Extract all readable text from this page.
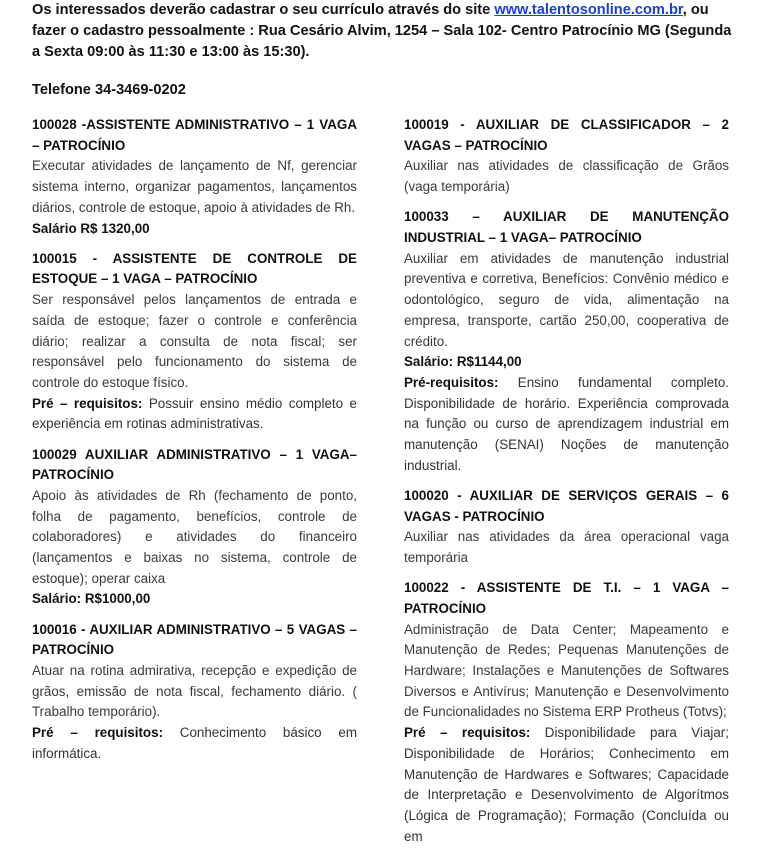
Os interessados deverão cadastrar o seu currículo através do site www.talentosonline.com.br, ou fazer o cadastro pessoalmente : Rua Cesário Alvim, 1254 – Sala 102- Centro Patrocínio MG (Segunda a Sexta 09:00 às 11:30 e 13:00 às 15:30).
Telefone 34-3469-0202
100028 -ASSISTENTE ADMINISTRATIVO – 1 VAGA – PATROCÍNIO
Executar atividades de lançamento de Nf, gerenciar sistema interno, organizar pagamentos, lançamentos diários, controle de estoque, apoio à atividades de Rh.
Salário R$ 1320,00
100015 - ASSISTENTE DE CONTROLE DE ESTOQUE – 1 VAGA – PATROCÍNIO
Ser responsável pelos lançamentos de entrada e saída de estoque; fazer o controle e conferência diário; realizar a consulta de nota fiscal; ser responsável pelo funcionamento do sistema de controle do estoque físico.
Pré – requisitos: Possuir ensino médio completo e experiência em rotinas administrativas.
100029 AUXILIAR ADMINISTRATIVO – 1 VAGA– PATROCÍNIO
Apoio às atividades de Rh (fechamento de ponto, folha de pagamento, benefícios, controle de colaboradores) e atividades do financeiro (lançamentos e baixas no sistema, controle de estoque); operar caixa
Salário: R$1000,00
100016 - AUXILIAR ADMINISTRATIVO – 5 VAGAS – PATROCÍNIO
Atuar na rotina admirativa, recepção e expedição de grãos, emissão de nota fiscal, fechamento diário. ( Trabalho temporário).
Pré – requisitos: Conhecimento básico em informática.
100019 - AUXILIAR DE CLASSIFICADOR – 2 VAGAS – PATROCÍNIO
Auxiliar nas atividades de classificação de Grãos (vaga temporária)
100033 – AUXILIAR DE MANUTENÇÃO INDUSTRIAL – 1 VAGA– PATROCÍNIO
Auxiliar em atividades de manutenção industrial preventiva e corretiva, Benefícios: Convênio médico e odontológico, seguro de vida, alimentação na empresa, transporte, cartão 250,00, cooperativa de crédito.
Salário: R$1144,00
Pré-requisitos: Ensino fundamental completo. Disponibilidade de horário. Experiência comprovada na função ou curso de aprendizagem industrial em manutenção (SENAI) Noções de manutenção industrial.
100020 - AUXILIAR DE SERVIÇOS GERAIS – 6 VAGAS - PATROCÍNIO
Auxiliar nas atividades da área operacional vaga temporária
100022 - ASSISTENTE DE T.I. – 1 VAGA – PATROCÍNIO
Administração de Data Center; Mapeamento e Manutenção de Redes; Pequenas Manutenções de Hardware; Instalações e Manutenções de Softwares Diversos e Antivírus; Manutenção e Desenvolvimento de Funcionalidades no Sistema ERP Protheus (Totvs);
Pré – requisitos: Disponibilidade para Viajar; Disponibilidade de Horários; Conhecimento em Manutenção de Hardwares e Softwares; Capacidade de Interpretação e Desenvolvimento de Algorítmos (Lógica de Programação); Formação (Concluída ou em
